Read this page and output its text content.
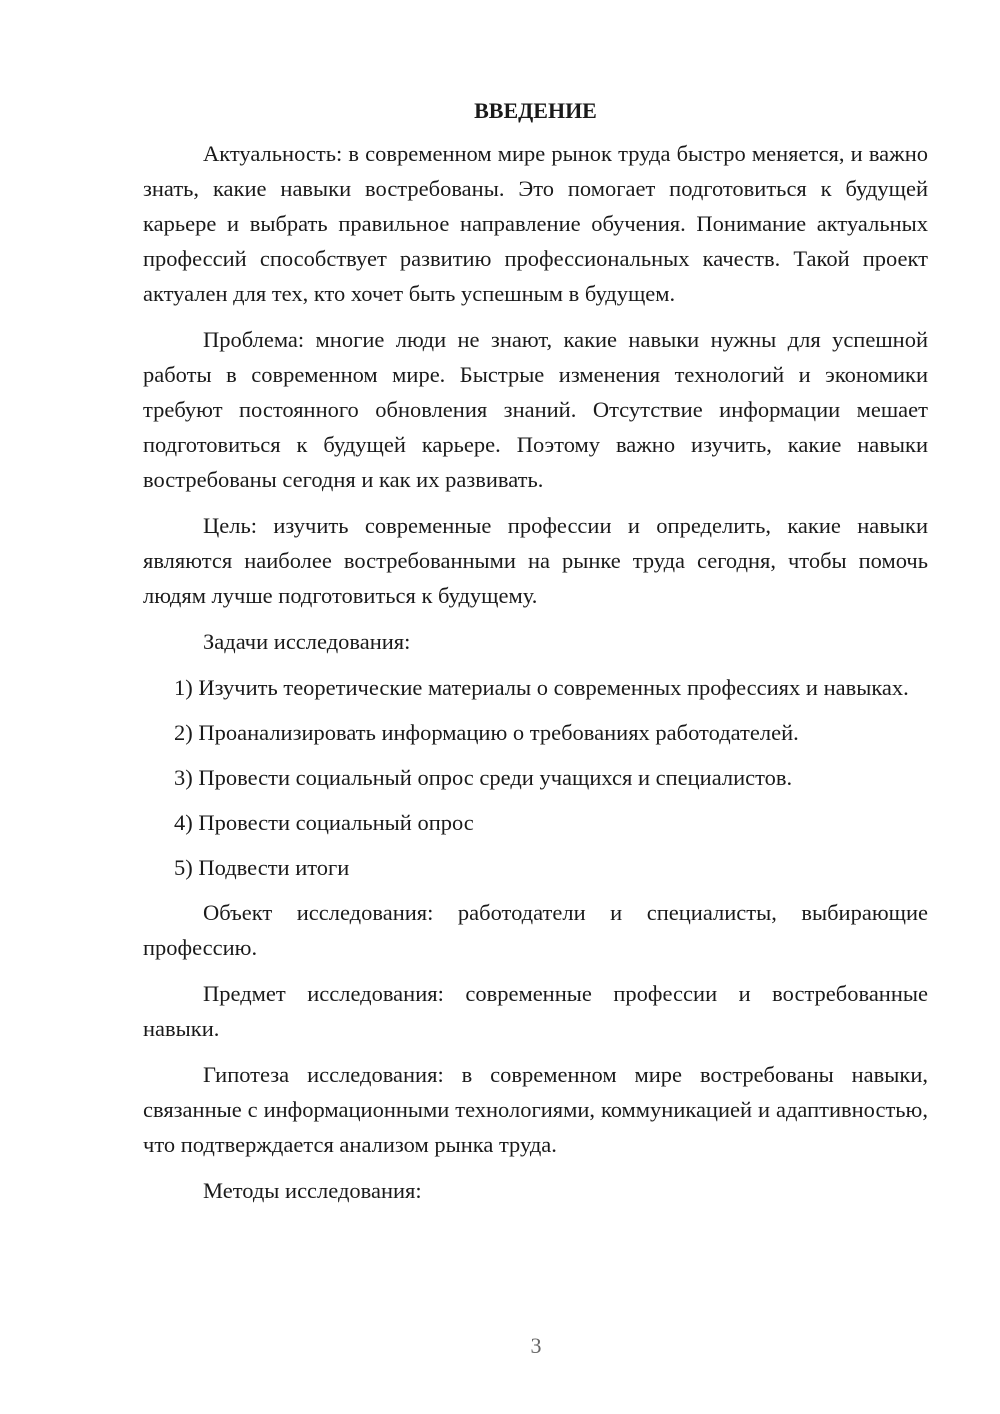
ВВЕДЕНИЕ

Актуальность: в современном мире рынок труда быстро меняется, и важно знать, какие навыки востребованы. Это помогает подготовиться к будущей карьере и выбрать правильное направление обучения. Понимание актуальных профессий способствует развитию профессиональных качеств. Такой проект актуален для тех, кто хочет быть успешным в будущем.

Проблема: многие люди не знают, какие навыки нужны для успешной работы в современном мире. Быстрые изменения технологий и экономики требуют постоянного обновления знаний. Отсутствие информации мешает подготовиться к будущей карьере. Поэтому важно изучить, какие навыки востребованы сегодня и как их развивать.

Цель: изучить современные профессии и определить, какие навыки являются наиболее востребованными на рынке труда сегодня, чтобы помочь людям лучше подготовиться к будущему.

Задачи исследования:

1) Изучить теоретические материалы о современных профессиях и навыках.

2) Проанализировать информацию о требованиях работодателей.

3) Провести социальный опрос среди учащихся и специалистов.

4) Провести социальный опрос

5) Подвести итоги

Объект исследования: работодатели и специалисты, выбирающие профессию.

Предмет исследования: современные профессии и востребованные навыки.

Гипотеза исследования: в современном мире востребованы навыки, связанные с информационными технологиями, коммуникацией и адаптивностью, что подтверждается анализом рынка труда.

Методы исследования:

3
